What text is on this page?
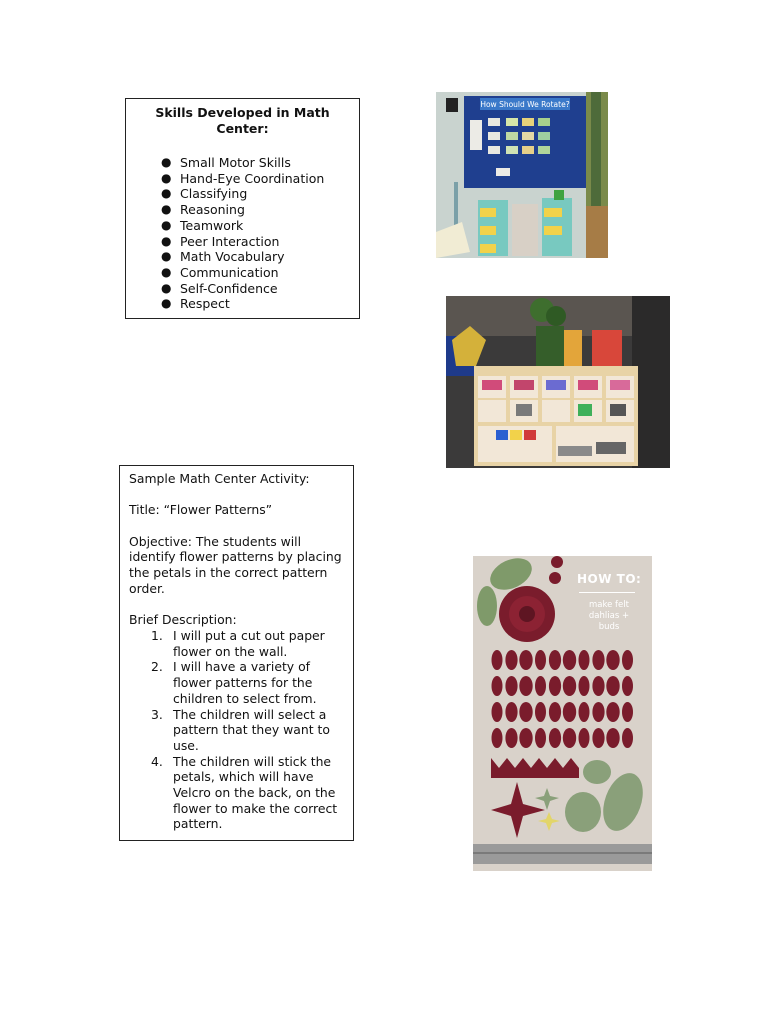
Skills Developed in Math Center:
● Small Motor Skills
● Hand-Eye Coordination
● Classifying
● Reasoning
● Teamwork
● Peer Interaction
● Math Vocabulary
● Communication
● Self-Confidence
● Respect

Sample Math Center Activity:

Title: “Flower Patterns”

Objective: The students will identify flower patterns by placing the petals in the correct pattern order.

Brief Description:
1. I will put a cut out paper flower on the wall.
2. I will have a variety of flower patterns for the children to select from.
3. The children will select a pattern that they want to use.
4. The children will stick the petals, which will have Velcro on the back, on the flower to make the correct pattern.
How Should We Rotate?
HOW TO:
make felt dahlias + buds
